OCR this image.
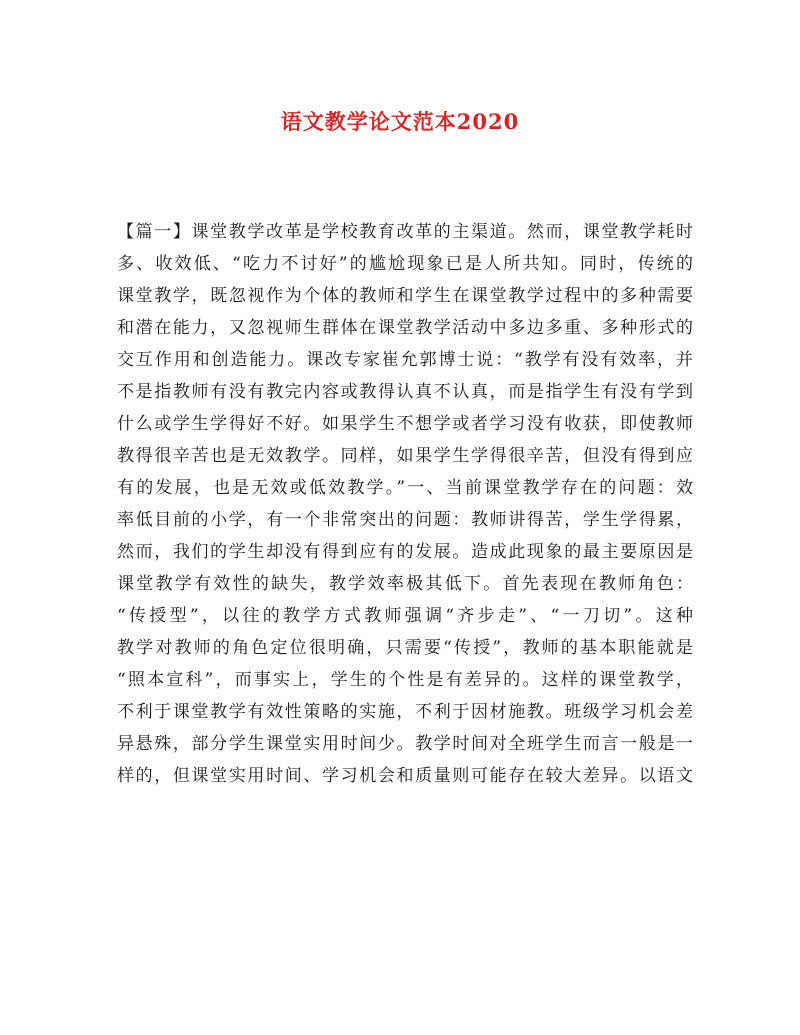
语文教学论文范本2020
【篇一】课堂教学改革是学校教育改革的主渠道。然而，课堂教学耗时
多、收效低、“吃力不讨好”的尴尬现象已是人所共知。同时，传统的
课堂教学，既忽视作为个体的教师和学生在课堂教学过程中的多种需要
和潜在能力，又忽视师生群体在课堂教学活动中多边多重、多种形式的
交互作用和创造能力。课改专家崔允郭博士说：“教学有没有效率，并
不是指教师有没有教完内容或教得认真不认真，而是指学生有没有学到
什么或学生学得好不好。如果学生不想学或者学习没有收获，即使教师
教得很辛苦也是无效教学。同样，如果学生学得很辛苦，但没有得到应
有的发展，也是无效或低效教学。”一、当前课堂教学存在的问题：效
率低目前的小学，有一个非常突出的问题：教师讲得苦，学生学得累，
然而，我们的学生却没有得到应有的发展。造成此现象的最主要原因是
课堂教学有效性的缺失，教学效率极其低下。首先表现在教师角色：
“传授型”，以往的教学方式教师强调“齐步走”、“一刀切”。这种
教学对教师的角色定位很明确，只需要“传授”，教师的基本职能就是
“照本宣科”，而事实上，学生的个性是有差异的。这样的课堂教学，
不利于课堂教学有效性策略的实施，不利于因材施教。班级学习机会差
异悬殊，部分学生课堂实用时间少。教学时间对全班学生而言一般是一
样的，但课堂实用时间、学习机会和质量则可能存在较大差异。以语文
